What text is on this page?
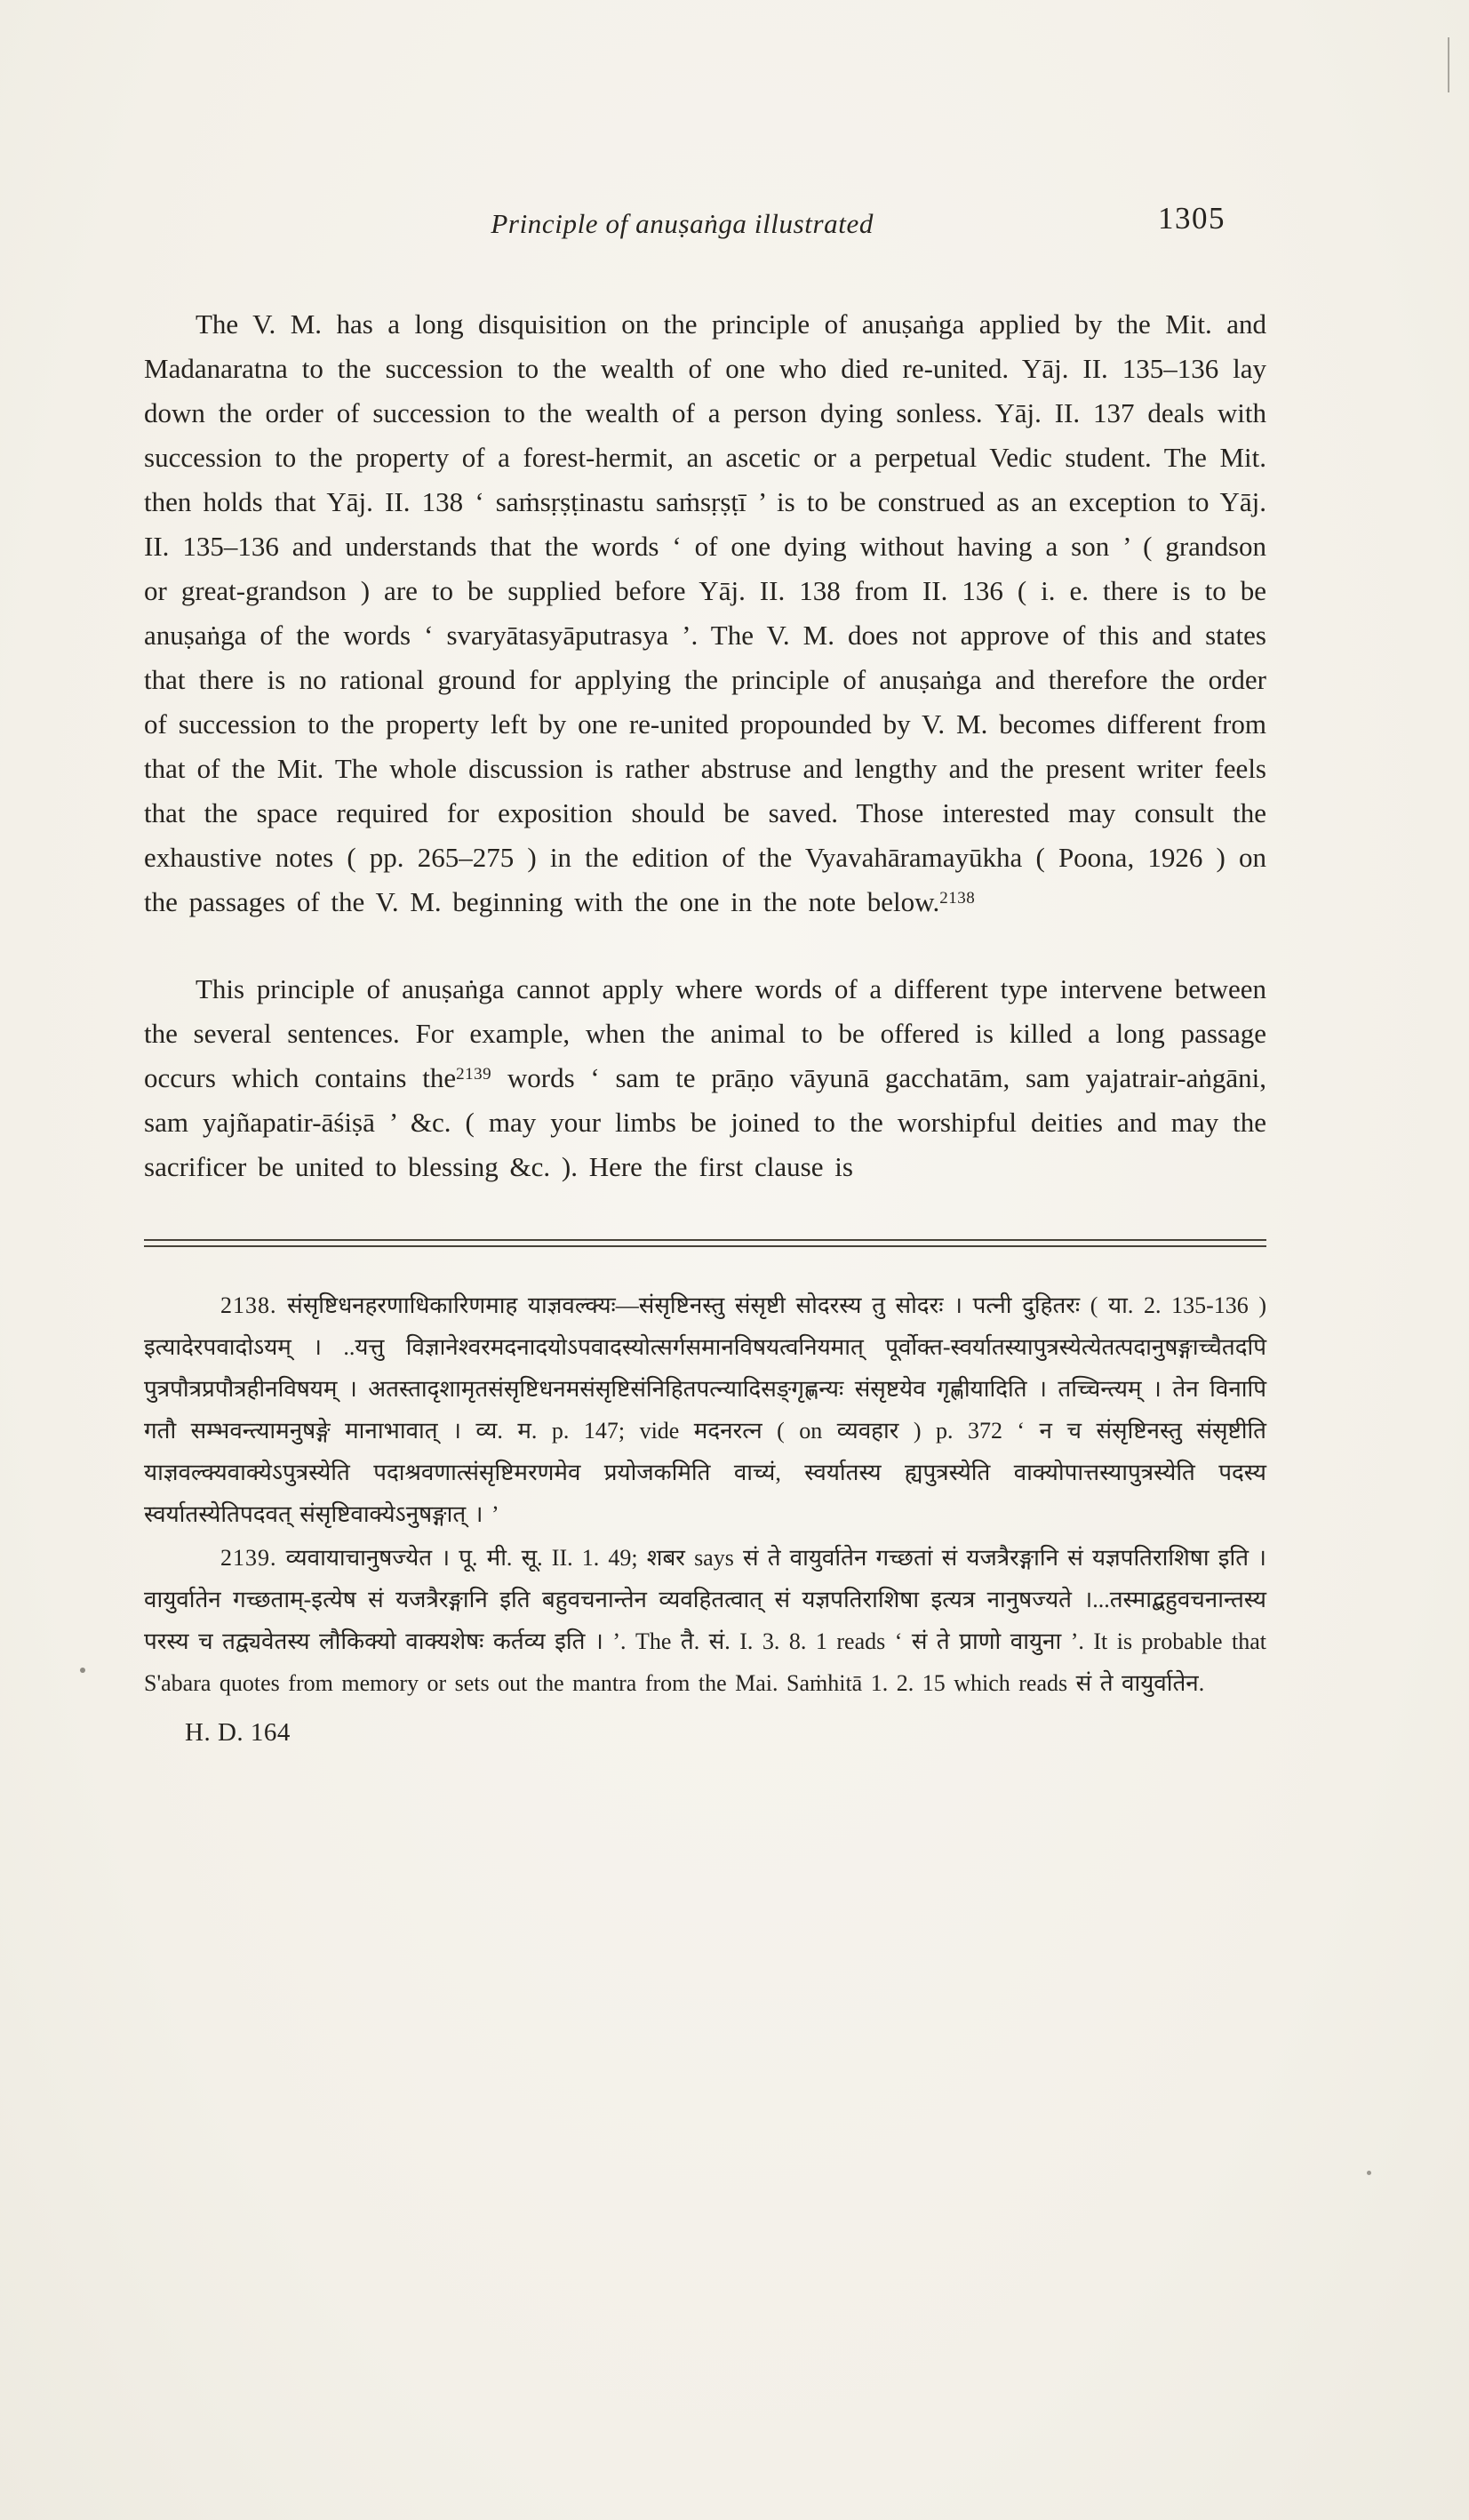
Principle of anuṣaṅga illustrated	1305

The V. M. has a long disquisition on the principle of anuṣaṅga applied by the Mit. and Madanaratna to the succession to the wealth of one who died re-united. Yāj. II. 135–136 lay down the order of succession to the wealth of a person dying sonless. Yāj. II. 137 deals with succession to the property of a forest-hermit, an ascetic or a perpetual Vedic student. The Mit. then holds that Yāj. II. 138 ‘ saṁsṛṣṭinastu saṁsṛṣṭī ’ is to be construed as an exception to Yāj. II. 135–136 and understands that the words ‘ of one dying without having a son ’ ( grandson or great-grandson ) are to be supplied before Yāj. II. 138 from II. 136 ( i. e. there is to be anuṣaṅga of the words ‘ svaryātasyāputrasya ’. The V. M. does not approve of this and states that there is no rational ground for applying the principle of anuṣaṅga and therefore the order of succession to the property left by one re-united propounded by V. M. becomes different from that of the Mit. The whole discussion is rather abstruse and lengthy and the present writer feels that the space required for exposition should be saved. Those interested may consult the exhaustive notes ( pp. 265–275 ) in the edition of the Vyavahāramayūkha ( Poona, 1926 ) on the passages of the V. M. beginning with the one in the note below.$^{2138}$

This principle of anuṣaṅga cannot apply where words of a different type intervene between the several sentences. For example, when the animal to be offered is killed a long passage occurs which contains the$^{2139}$ words ‘ sam te prāṇo vāyunā gacchatām, sam yajatrair-aṅgāni, sam yajñapatir-āśiṣā ’ &c. ( may your limbs be joined to the worshipful deities and may the sacrificer be united to blessing &c. ). Here the first clause is

2138. संसृष्टिधनहरणाधिकारिणमाह याज्ञवल्क्यः—संसृष्टिनस्तु संसृष्टी सोदरस्य तु सोदरः । पत्नी दुहितरः ( या. 2. 135-136 ) इत्यादेरपवादोऽयम् । ..यत्तु विज्ञानेश्वरमदनादयोऽपवादस्योत्सर्गसमानविषयत्वनियमात् पूर्वोक्त-स्वर्यातस्यापुत्रस्येत्येतत्पदानुषङ्गाच्चैतदपि पुत्रपौत्रप्रपौत्रहीनविषयम् । अतस्तादृशामृतसंसृष्टिधनमसंसृष्टिसंनिहितपत्न्यादिसङ्गृह्णन्यः संसृष्टयेव गृह्णीयादिति । तच्चिन्त्यम् । तेन विनापि गतौ सम्भवन्त्यामनुषङ्गे मानाभावात् । व्य. म. p. 147; vide मदनरत्न ( on व्यवहार ) p. 372 ‘ न च संसृष्टिनस्तु संसृष्टीति याज्ञवल्क्यवाक्येऽपुत्रस्येति पदाश्रवणात्संसृष्टिमरणमेव प्रयोजकमिति वाच्यं, स्वर्यातस्य ह्यपुत्रस्येति वाक्योपात्तस्यापुत्रस्येति पदस्य स्वर्यातस्येतिपदवत् संसृष्टिवाक्येऽनुषङ्गात् । ’

2139. व्यवायाचानुषज्येत । पू. मी. सू. II. 1. 49; शबर says सं ते वायुर्वातेन गच्छतां सं यजत्रैरङ्गानि सं यज्ञपतिराशिषा इति । वायुर्वातेन गच्छताम्-इत्येष सं यजत्रैरङ्गानि इति बहुवचनान्तेन व्यवहितत्वात् सं यज्ञपतिराशिषा इत्यत्र नानुषज्यते ।...तस्माद्बहुवचनान्तस्य परस्य च तद्व्यवेतस्य लौकिक्यो वाक्यशेषः कर्तव्य इति । ’. The तै. सं. I. 3. 8. 1 reads ‘ सं ते प्राणो वायुना ’. It is probable that S'abara quotes from memory or sets out the mantra from the Mai. Saṁhitā 1. 2. 15 which reads सं ते वायुर्वातेन.

H. D. 164
